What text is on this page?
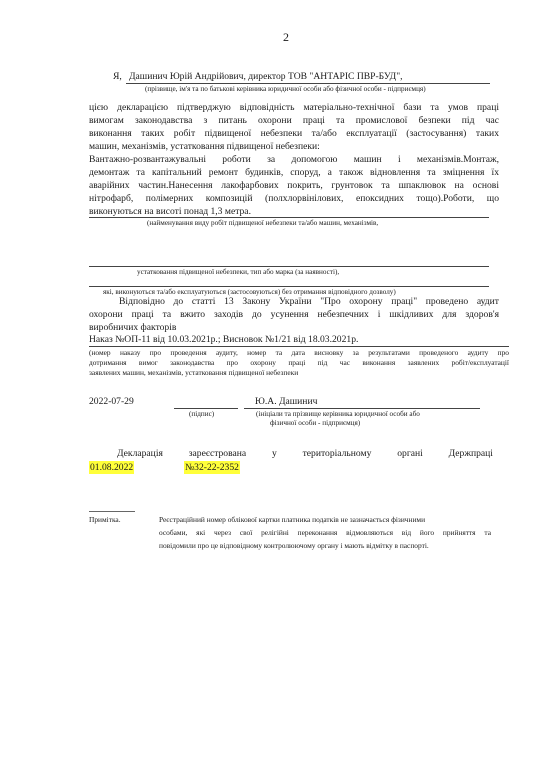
2
Я, Дашинич Юрій Андрійович, директор ТОВ "АНТАРІС ПВР-БУД",
(прізвище, ім'я та по батькові керівника юридичної особи або фізичної особи - підприємця)
цією декларацією підтверджую відповідність матеріально-технічної бази та умов праці
вимогам законодавства з питань охорони праці та промислової безпеки під час
виконання таких робіт підвищеної небезпеки та/або експлуатації (застосування) таких
машин, механізмів, устатковання підвищеної небезпеки:
Вантажно-розвантажувальні роботи за допомогою машин і механізмів.Монтаж,
демонтаж та капітальний ремонт будинків, споруд, а також відновлення та зміцнення їх
аварійних частин.Нанесення лакофарбових покрить, грунтовок та шпаклювок на основі
нітрофарб, полімерних композицій (полхлорвінілових, епоксидних тощо).Роботи, що
виконуються на висоті понад 1,3 метра.
(найменування виду робіт підвищеної небезпеки та/або машин, механізмів,
устатковання підвищеної небезпеки, тип або марка (за наявності),
які, виконуються та/або експлуатуються (застосовуються) без отримання відповідного дозволу)
Відповідно до статті 13 Закону України "Про охорону праці" проведено аудит
охорони праці та вжито заходів до усунення небезпечних і шкідливих для здоров'я
виробничих факторів
Наказ №ОП-11 від 10.03.2021р.; Висновок №1/21 від 18.03.2021р.
(номер наказу про проведення аудиту, номер та дата висновку за результатами проведеного аудиту про
дотримання вимог законодавства про охорону праці під час виконання заявлених робіт/експлуатації
заявлених машин, механізмів, устатковання підвищеної небезпеки
2022-07-29
(підпис)
Ю.А. Дашинич
(ініціали та прізвище керівника юридичної особи або
фізичної особи - підприємця)
Декларація	зареєстрована	у	територіальному	органі	Держпраці
01.08.2022	№32-22-2352
Примітка.	Реєстраційний номер облікової картки платника податків не зазначається фізичними
особами, які через свої релігійні переконання відмовляються від його прийняття та
повідомили про це відповідному контролюючому органу і мають відмітку в паспорті.
